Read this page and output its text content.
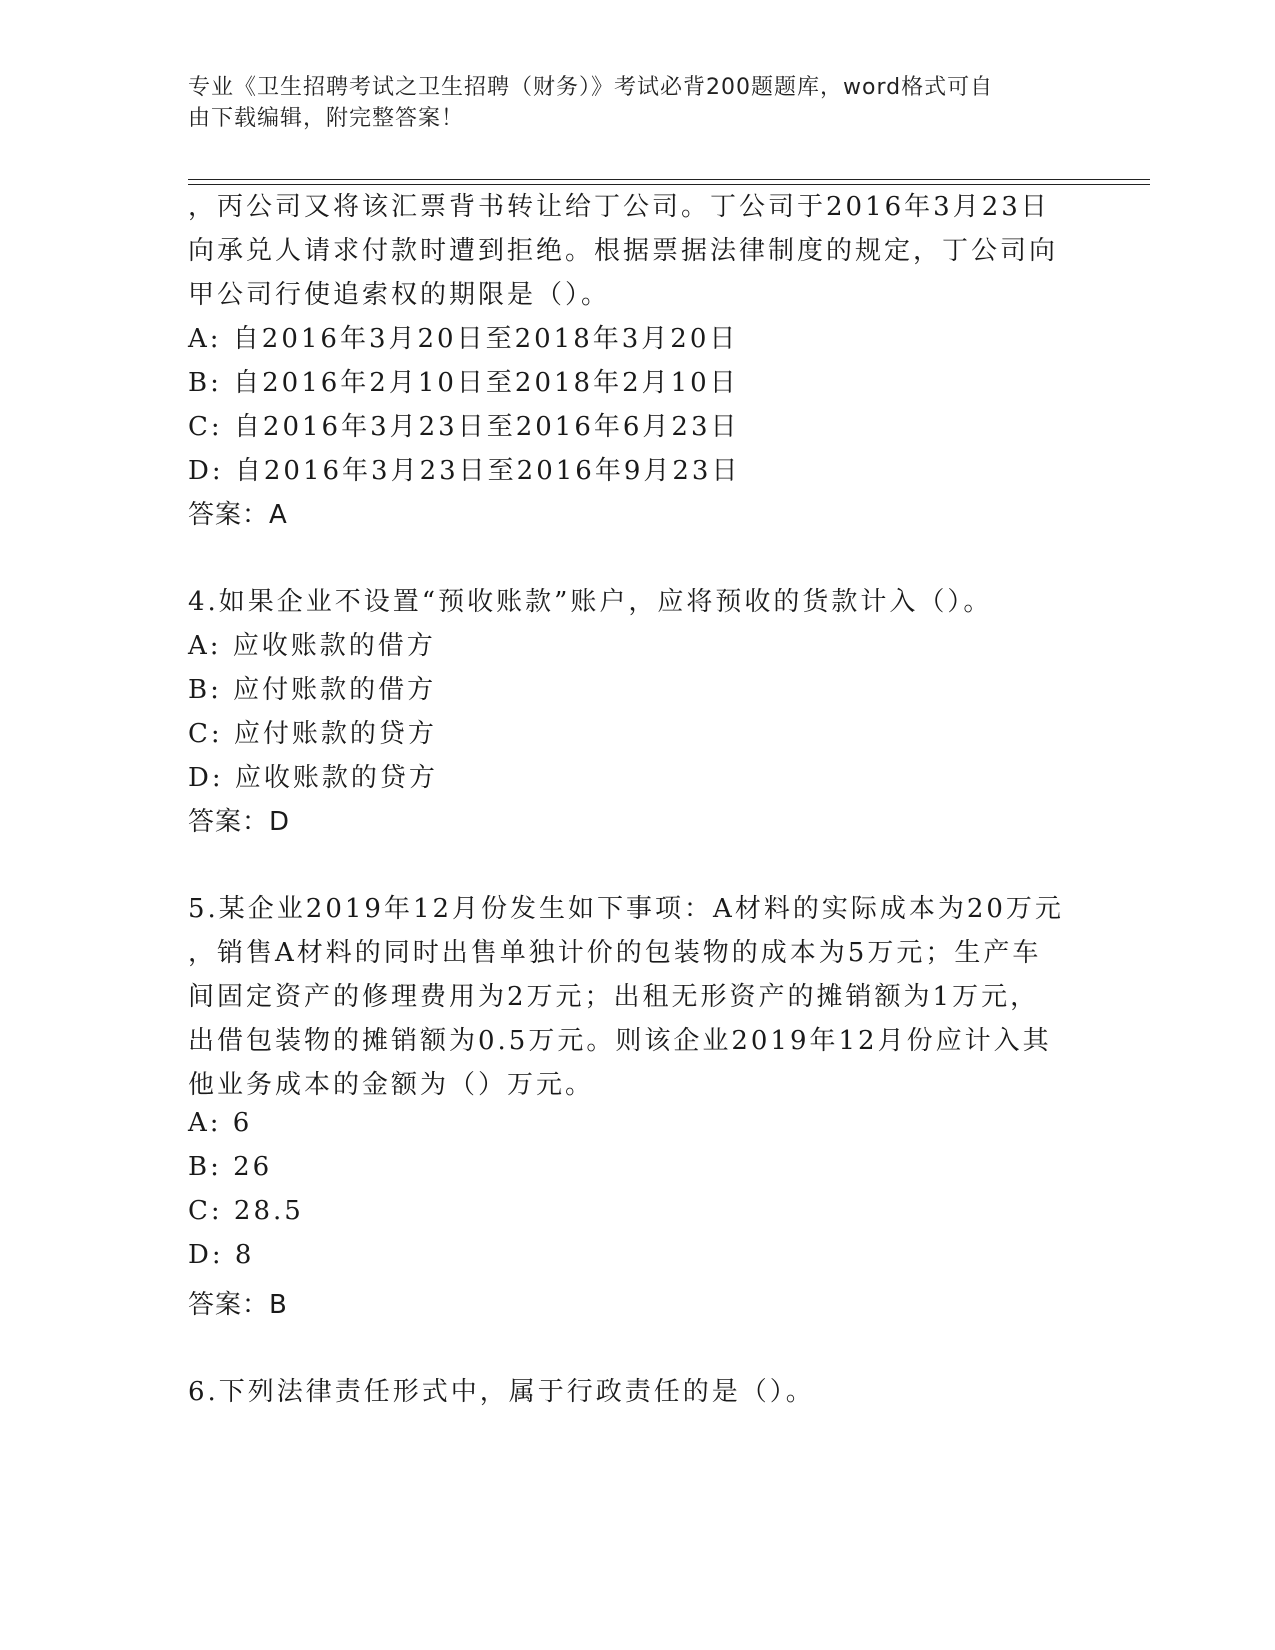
专业《卫生招聘考试之卫生招聘（财务）》考试必背200题题库，word格式可自
由下载编辑，附完整答案！
，丙公司又将该汇票背书转让给丁公司。丁公司于2016年3月23日
向承兑人请求付款时遭到拒绝。根据票据法律制度的规定，丁公司向
甲公司行使追索权的期限是（）。
A: 自2016年3月20日至2018年3月20日
B: 自2016年2月10日至2018年2月10日
C: 自2016年3月23日至2016年6月23日
D: 自2016年3月23日至2016年9月23日
答案：A
4.如果企业不设置“预收账款”账户，应将预收的货款计入（）。
A: 应收账款的借方
B: 应付账款的借方
C: 应付账款的贷方
D: 应收账款的贷方
答案：D
5.某企业2019年12月份发生如下事项：A材料的实际成本为20万元
，销售A材料的同时出售单独计价的包装物的成本为5万元；生产车
间固定资产的修理费用为2万元；出租无形资产的摊销额为1万元，
出借包装物的摊销额为0.5万元。则该企业2019年12月份应计入其
他业务成本的金额为（）万元。
A: 6
B: 26
C: 28.5
D: 8
答案：B
6.下列法律责任形式中，属于行政责任的是（）。
